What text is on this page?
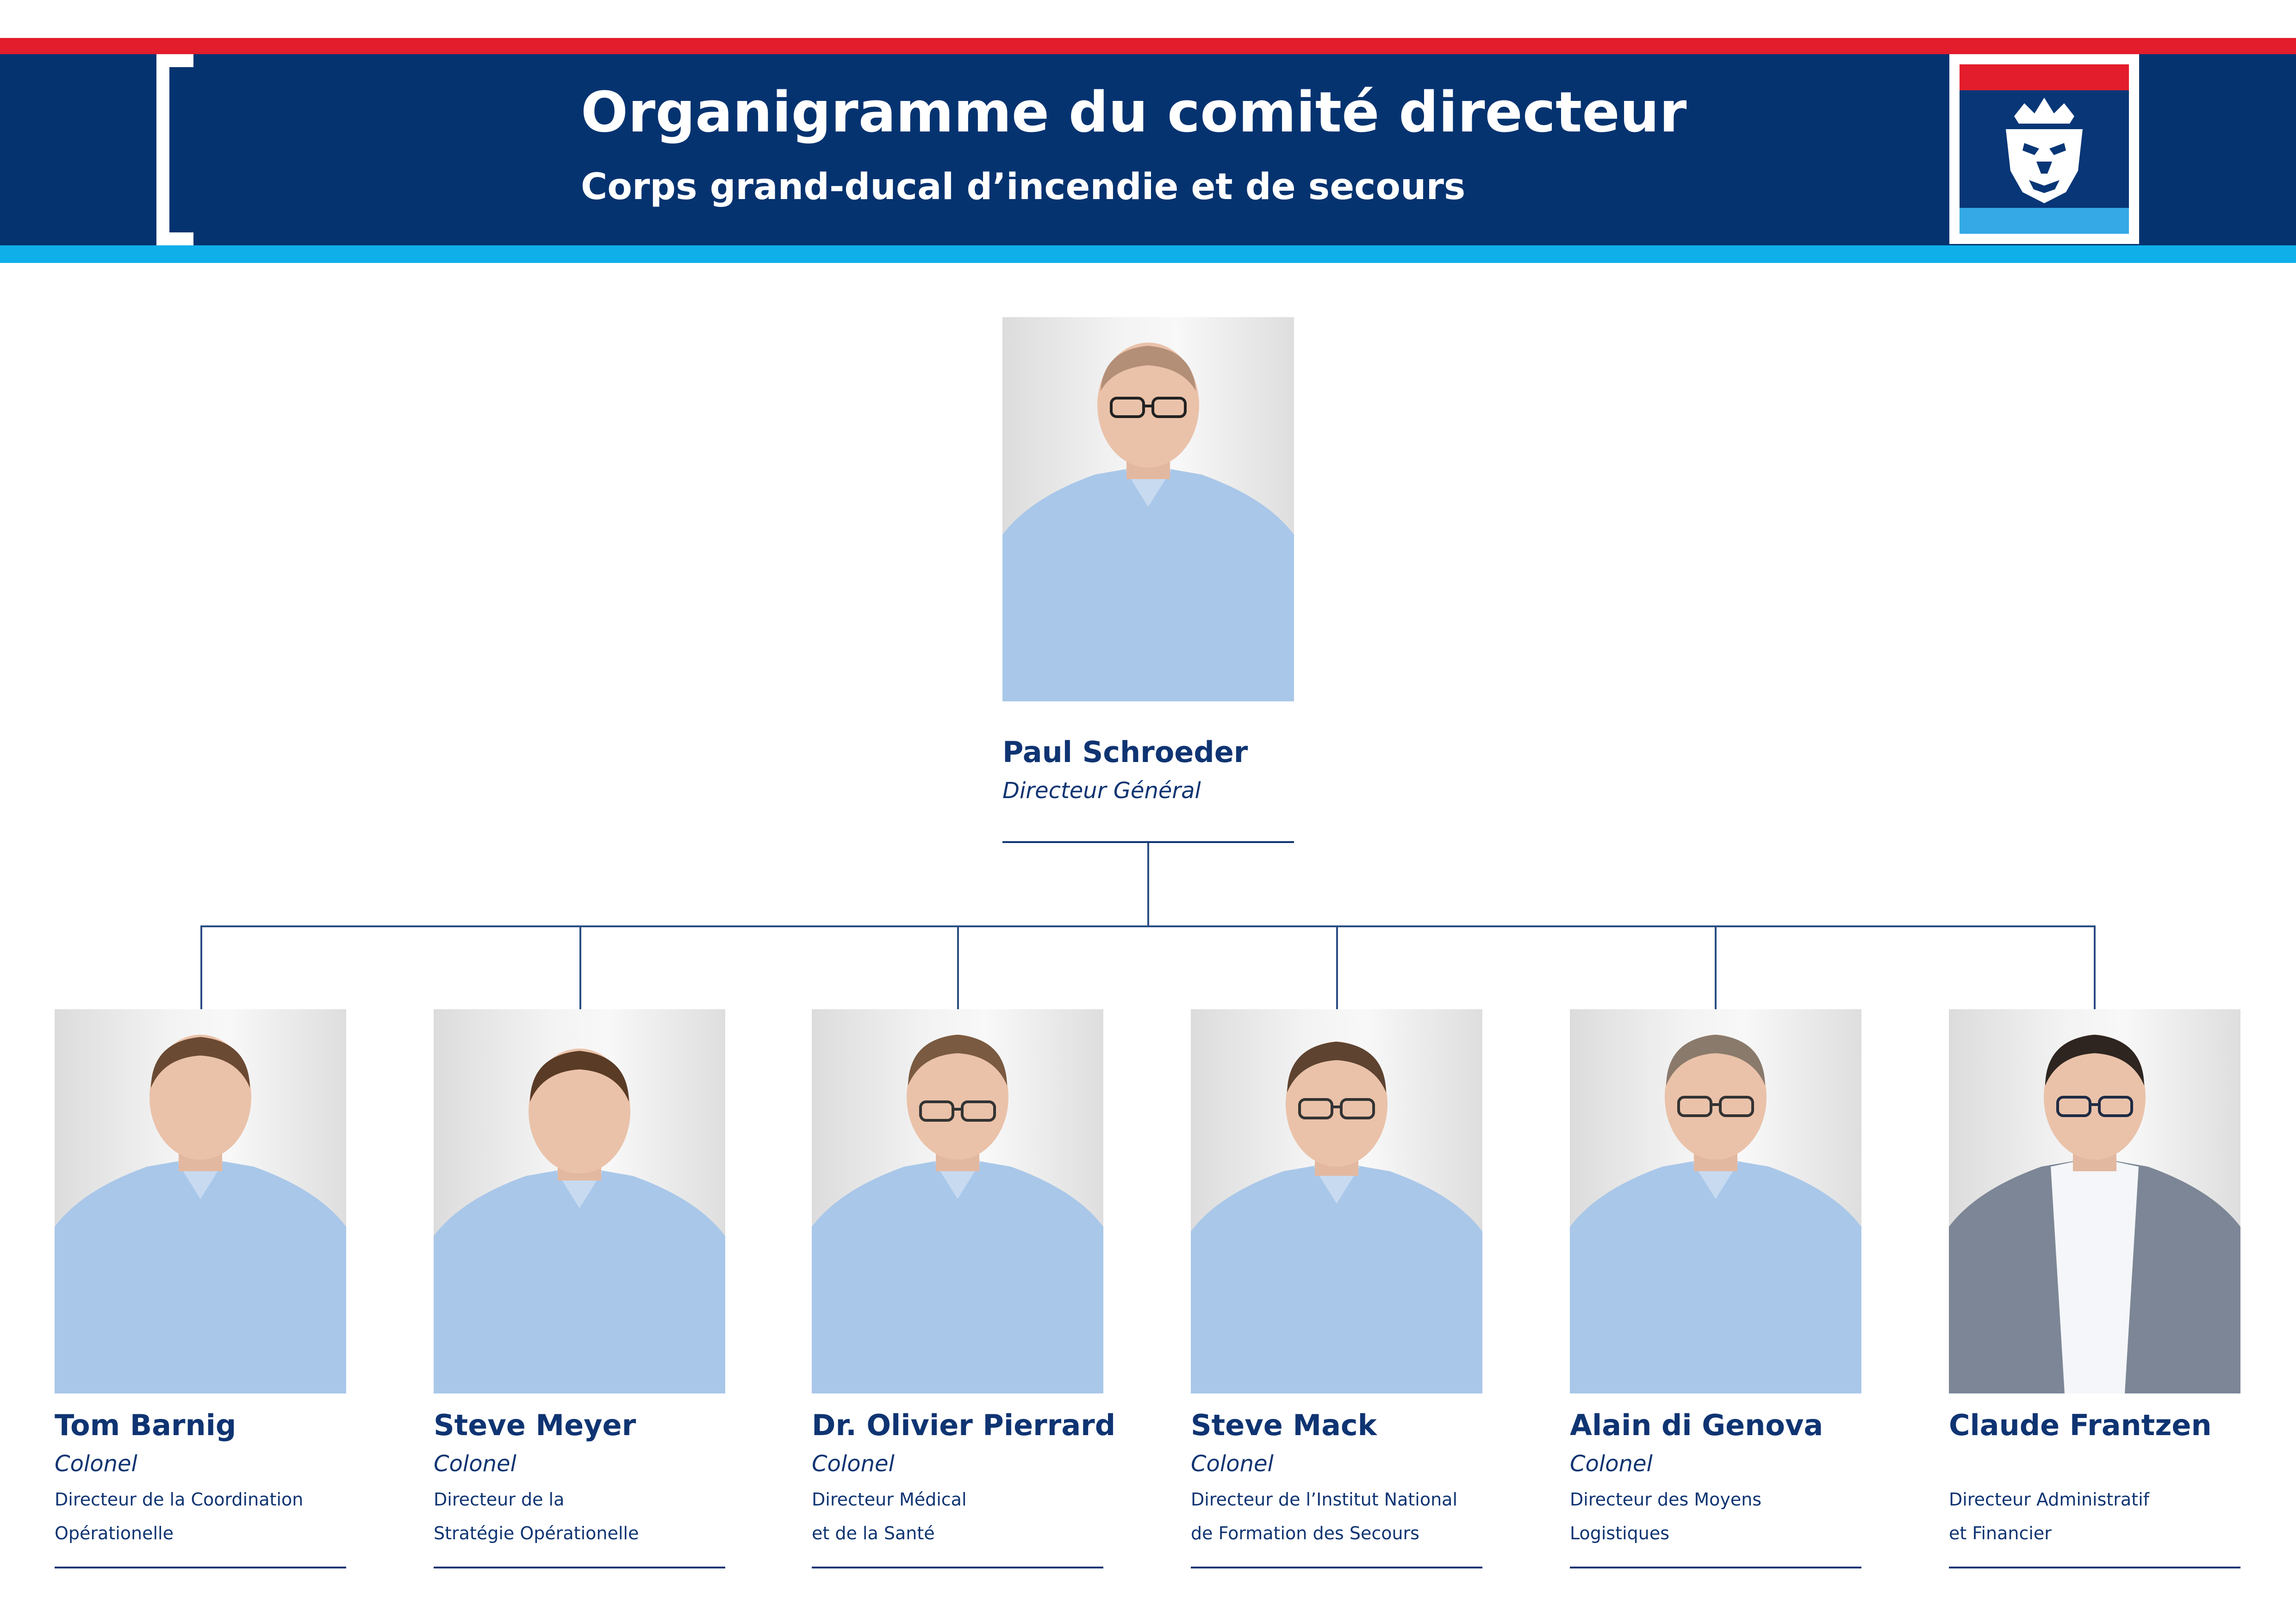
Organigramme du comité directeur
Corps grand-ducal d’incendie et de secours
Paul Schroeder
Directeur Général
Tom Barnig
Colonel
Directeur de la Coordination
Opérationelle
Steve Meyer
Colonel
Directeur de la
Stratégie Opérationelle
Dr. Olivier Pierrard
Colonel
Directeur Médical
et de la Santé
Steve Mack
Colonel
Directeur de l’Institut National
de Formation des Secours
Alain di Genova
Colonel
Directeur des Moyens
Logistiques
Claude Frantzen
Directeur Administratif
et Financier
